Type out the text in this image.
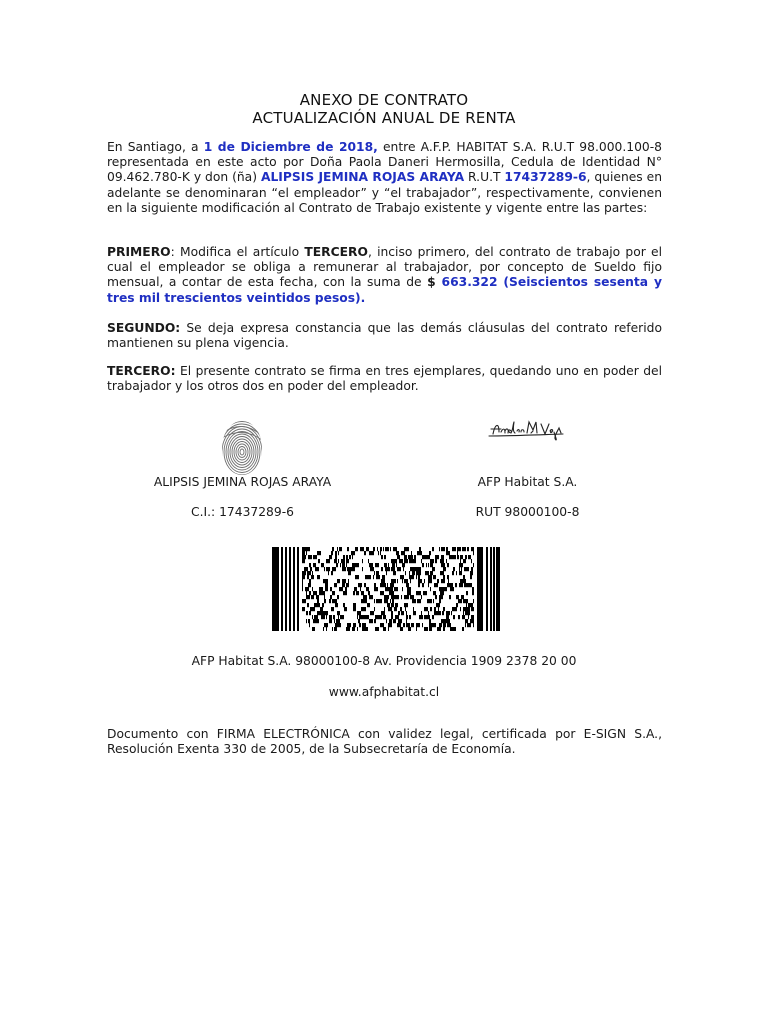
ANEXO DE CONTRATO
ACTUALIZACIÓN ANUAL DE RENTA
En Santiago, a 1 de Diciembre de 2018, entre A.F.P. HABITAT S.A. R.U.T 98.000.100-8 representada en este acto por Doña Paola Daneri Hermosilla, Cedula de Identidad N° 09.462.780-K y don (ña) ALIPSIS JEMINA ROJAS ARAYA R.U.T 17437289-6, quienes en adelante se denominaran “el empleador” y “el trabajador”, respectivamente, convienen en la siguiente modificación al Contrato de Trabajo existente y vigente entre las partes:
PRIMERO: Modifica el artículo TERCERO, inciso primero, del contrato de trabajo por el cual el empleador se obliga a remunerar al trabajador, por concepto de Sueldo fijo mensual, a contar de esta fecha, con la suma de $ 663.322 (Seiscientos sesenta y tres mil trescientos veintidos pesos).
SEGUNDO: Se deja expresa constancia que las demás cláusulas del contrato referido mantienen su plena vigencia.
TERCERO: El presente contrato se firma en tres ejemplares, quedando uno en poder del trabajador y los otros dos en poder del empleador.
ALIPSIS JEMINA ROJAS ARAYA
C.I.: 17437289-6
AFP Habitat S.A.
RUT 98000100-8
AFP Habitat S.A. 98000100-8 Av. Providencia 1909 2378 20 00
www.afphabitat.cl
Documento con FIRMA ELECTRÓNICA con validez legal, certificada por E-SIGN S.A., Resolución Exenta 330 de 2005, de la Subsecretaría de Economía.
